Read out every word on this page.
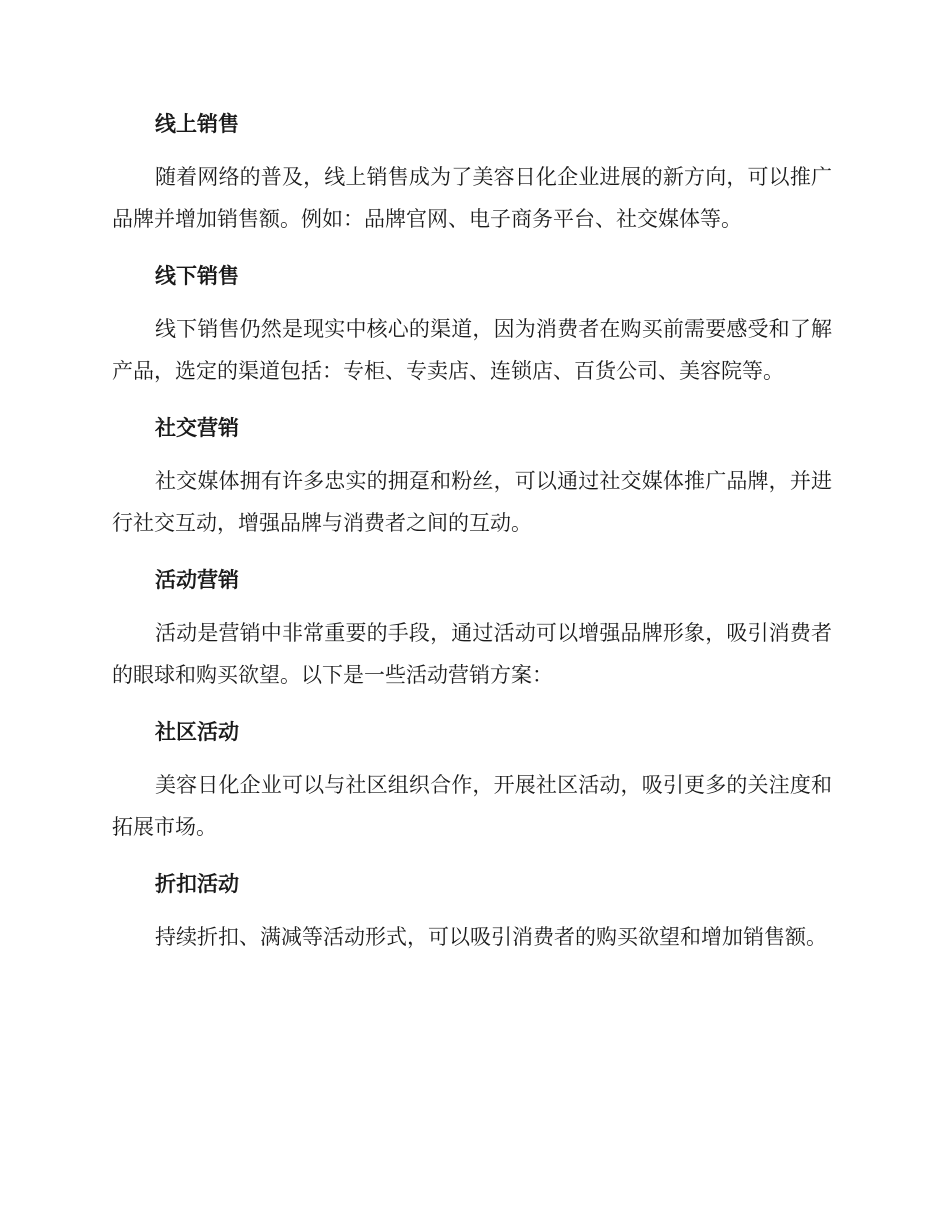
线上销售

随着网络的普及，线上销售成为了美容日化企业进展的新方向，可以推广品牌并增加销售额。例如：品牌官网、电子商务平台、社交媒体等。

线下销售

线下销售仍然是现实中核心的渠道，因为消费者在购买前需要感受和了解产品，选定的渠道包括：专柜、专卖店、连锁店、百货公司、美容院等。

社交营销

社交媒体拥有许多忠实的拥趸和粉丝，可以通过社交媒体推广品牌，并进行社交互动，增强品牌与消费者之间的互动。

活动营销

活动是营销中非常重要的手段，通过活动可以增强品牌形象，吸引消费者的眼球和购买欲望。以下是一些活动营销方案：

社区活动

美容日化企业可以与社区组织合作，开展社区活动，吸引更多的关注度和拓展市场。

折扣活动

持续折扣、满减等活动形式，可以吸引消费者的购买欲望和增加销售额。
